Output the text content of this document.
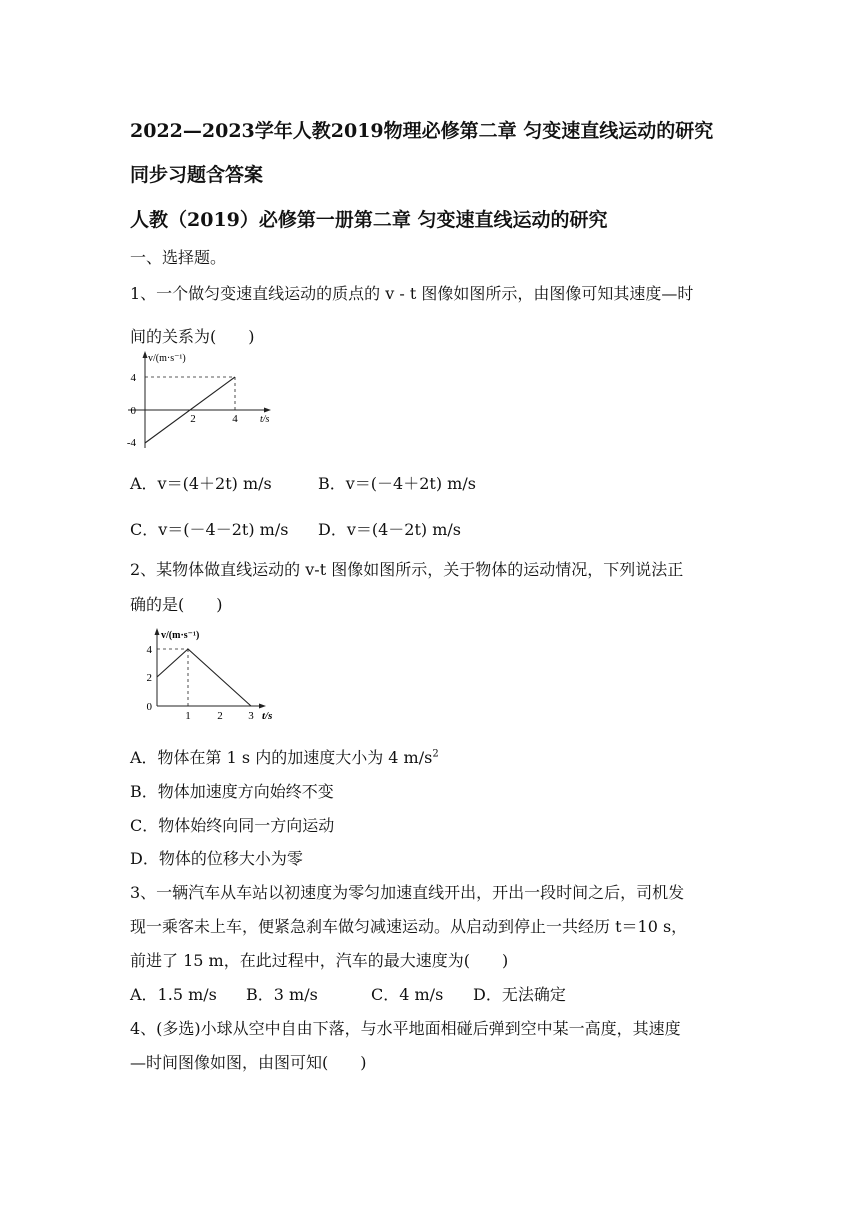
2022—2023学年人教2019物理必修第二章 匀变速直线运动的研究
同步习题含答案
人教（2019）必修第一册第二章 匀变速直线运动的研究
一、选择题。
1、一个做匀变速直线运动的质点的 v - t 图像如图所示，由图像可知其速度—时
间的关系为(　　)
v/(m·s⁻¹)
4
0
-4
2	4 t/s
A．v＝(4＋2t) m/s	B．v＝(－4＋2t) m/s
C．v＝(－4－2t) m/s D．v＝(4－2t) m/s
2、某物体做直线运动的 v-t 图像如图所示，关于物体的运动情况，下列说法正
确的是(　　)
v/(m·s⁻¹)
4
2
0
1 2 3 t/s
A．物体在第 1 s 内的加速度大小为 4 $m/s^2$
B．物体加速度方向始终不变
C．物体始终向同一方向运动
D．物体的位移大小为零
3、一辆汽车从车站以初速度为零匀加速直线开出，开出一段时间之后，司机发
现一乘客未上车，便紧急刹车做匀减速运动。从启动到停止一共经历 t＝10 s，
前进了 15 m，在此过程中，汽车的最大速度为(　　)
A．1.5 m/s B．3 m/s	C．4 m/s D．无法确定
4、(多选)小球从空中自由下落，与水平地面相碰后弹到空中某一高度，其速度
—时间图像如图，由图可知(　　)
